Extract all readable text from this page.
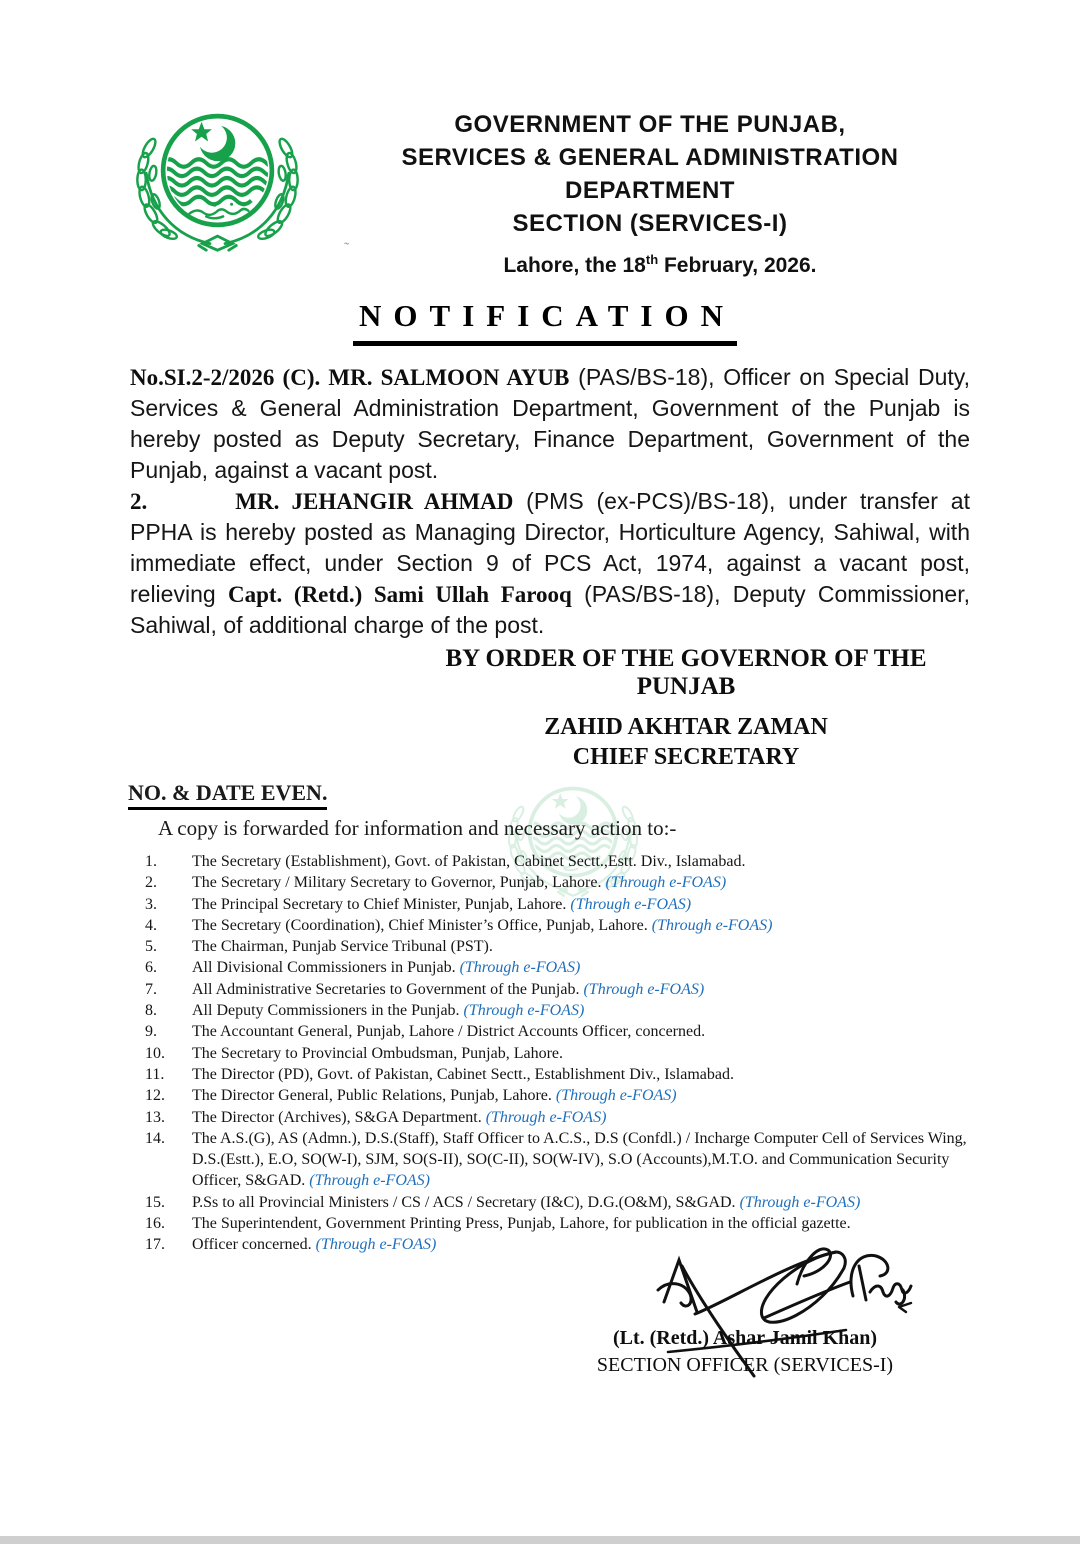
GOVERNMENT OF THE PUNJAB,
SERVICES & GENERAL ADMINISTRATION
DEPARTMENT
SECTION (SERVICES-I)
˜
Lahore, the 18th February, 2026.
NOTIFICATION
No.SI.2-2/2026 (C). MR. SALMOON AYUB (PAS/BS-18), Officer on Special Duty, Services & General Administration Department, Government of the Punjab is hereby posted as Deputy Secretary, Finance Department, Government of the Punjab, against a vacant post.
2.	MR. JEHANGIR AHMAD (PMS (ex-PCS)/BS-18), under transfer at PPHA is hereby posted as Managing Director, Horticulture Agency, Sahiwal, with immediate effect, under Section 9 of PCS Act, 1974, against a vacant post, relieving Capt. (Retd.) Sami Ullah Farooq (PAS/BS-18), Deputy Commissioner, Sahiwal, of additional charge of the post.
BY ORDER OF THE GOVERNOR OF THE PUNJAB
ZAHID AKHTAR ZAMAN
CHIEF SECRETARY
NO. & DATE EVEN.
A copy is forwarded for information and necessary action to:-
1.	The Secretary (Establishment), Govt. of Pakistan, Cabinet Sectt.,Estt. Div., Islamabad.
2.	The Secretary / Military Secretary to Governor, Punjab, Lahore. (Through e-FOAS)
3.	The Principal Secretary to Chief Minister, Punjab, Lahore. (Through e-FOAS)
4.	The Secretary (Coordination), Chief Minister’s Office, Punjab, Lahore. (Through e-FOAS)
5.	The Chairman, Punjab Service Tribunal (PST).
6.	All Divisional Commissioners in Punjab. (Through e-FOAS)
7.	All Administrative Secretaries to Government of the Punjab. (Through e-FOAS)
8.	All Deputy Commissioners in the Punjab. (Through e-FOAS)
9.	The Accountant General, Punjab, Lahore / District Accounts Officer, concerned.
10.	The Secretary to Provincial Ombudsman, Punjab, Lahore.
11.	The Director (PD), Govt. of Pakistan, Cabinet Sectt., Establishment Div., Islamabad.
12.	The Director General, Public Relations, Punjab, Lahore. (Through e-FOAS)
13.	The Director (Archives), S&GA Department. (Through e-FOAS)
14.	The A.S.(G), AS (Admn.), D.S.(Staff), Staff Officer to A.C.S., D.S (Confdl.) / Incharge Computer Cell of Services Wing, D.S.(Estt.), E.O, SO(W-I), SJM, SO(S-II), SO(C-II), SO(W-IV), S.O (Accounts),M.T.O. and Communication Security Officer, S&GAD. (Through e-FOAS)
15.	P.Ss to all Provincial Ministers / CS / ACS / Secretary (I&C), D.G.(O&M), S&GAD. (Through e-FOAS)
16.	The Superintendent, Government Printing Press, Punjab, Lahore, for publication in the official gazette.
17.	Officer concerned. (Through e-FOAS)
(Lt. (Retd.) Ashar Jamil Khan)
SECTION OFFICER (SERVICES-I)
